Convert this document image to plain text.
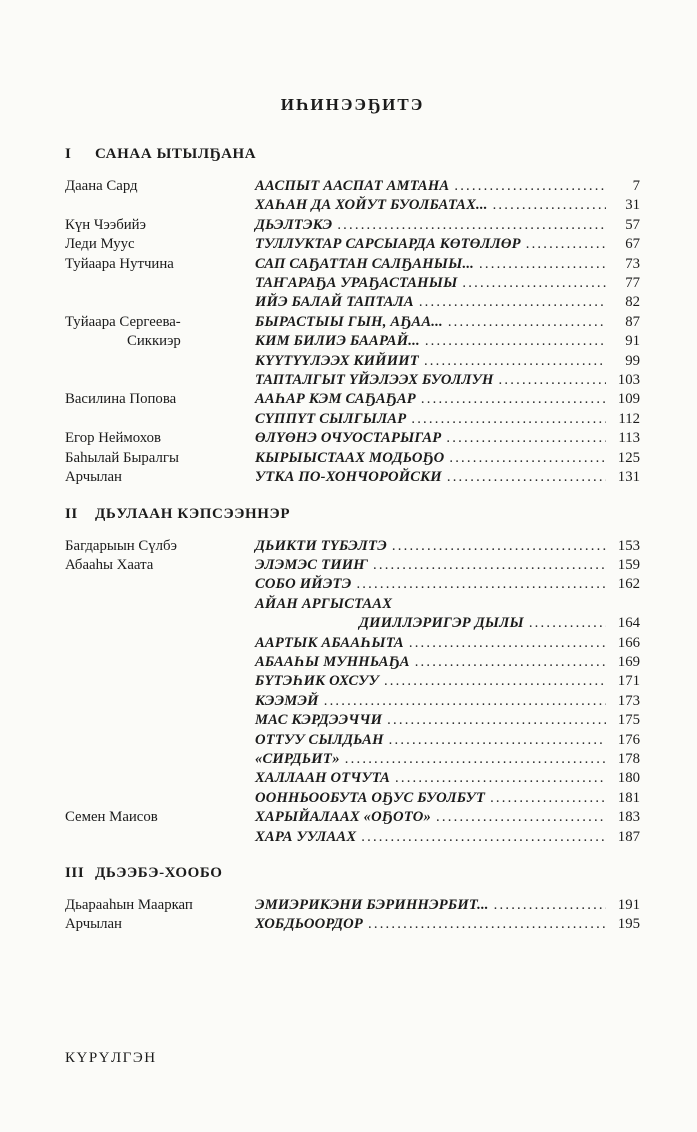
ИҺИНЭЭҔИТЭ
I	САНАА ЫТЫЛҔАНА
Даана Сард	ААСПЫТ ААСПАТ АМТАНА .....	7
ХАҺАН ДА ХОЙУТ БУОЛБАТАХ... .....	31
Күн Чээбийэ	ДЬЭЛТЭКЭ .....	57
Леди Муус	ТУЛЛУКТАР САРСЫАРДА КӨТӨЛЛӨР .....	67
Туйаара Нутчина	САП САҔАТТАН САЛҔАНЫЫ... .....	73
ТАҤАРАҔА УРАҔАСТАНЫЫ .....	77
ИЙЭ БАЛАЙ ТАПТАЛА .....	82
Туйаара Сергеева-	БЫРАСТЫЫ ГЫН, АҔАА... .....	87
Сиккиэр	КИМ БИЛИЭ БААРАЙ... .....	91
КҮҮТҮҮЛЭЭХ КИЙИИТ .....	99
ТАПТАЛГЫТ ҮЙЭЛЭЭХ БУОЛЛУН .....	103
Василина Попова	ААҺАР КЭМ САҔАҔАР .....	109
СҮППҮТ СЫЛГЫЛАР .....	112
Егор Неймохов	ӨЛҮӨНЭ ОЧУОСТАРЫГАР .....	113
Баһылай Быралгы	КЫРЫЫСТААХ МОДЬОҔО .....	125
Арчылан	УТКА ПО-ХОНЧОРОЙСКИ .....	131
II	ДЬУЛААН КЭПСЭЭННЭР
Багдарыын Сүлбэ	ДЬИКТИ ТҮБЭЛТЭ .....	153
Абааһы Хаата	ЭЛЭМЭС ТИИҤ .....	159
СОБО ИЙЭТЭ .....	162
АЙАН АРГЫСТААХ
ДИИЛЛЭРИГЭР ДЫЛЫ .....	164
ААРТЫК АБААҺЫТА .....	166
АБААҺЫ МУННЬАҔА .....	169
БҮТЭҺИК ОХСУУ .....	171
КЭЭМЭЙ .....	173
МАС КЭРДЭЭЧЧИ .....	175
ОТТУУ СЫЛДЬАН .....	176
«СИРДЬИТ» .....	178
ХАЛЛААН ОТЧУТА .....	180
ООННЬООБУТА ОҔУС БУОЛБУТ .....	181
Семен Маисов	ХАРЫЙАЛААХ «ОҔОТО» .....	183
ХАРА УУЛААХ .....	187
III ДЬЭЭБЭ-ХООБО
Дьарааһын Мааркап	ЭМИЭРИКЭНИ БЭРИННЭРБИТ... .....	191
Арчылан	ХОБДЬООРДОР .....	195
КҮРҮЛГЭН
